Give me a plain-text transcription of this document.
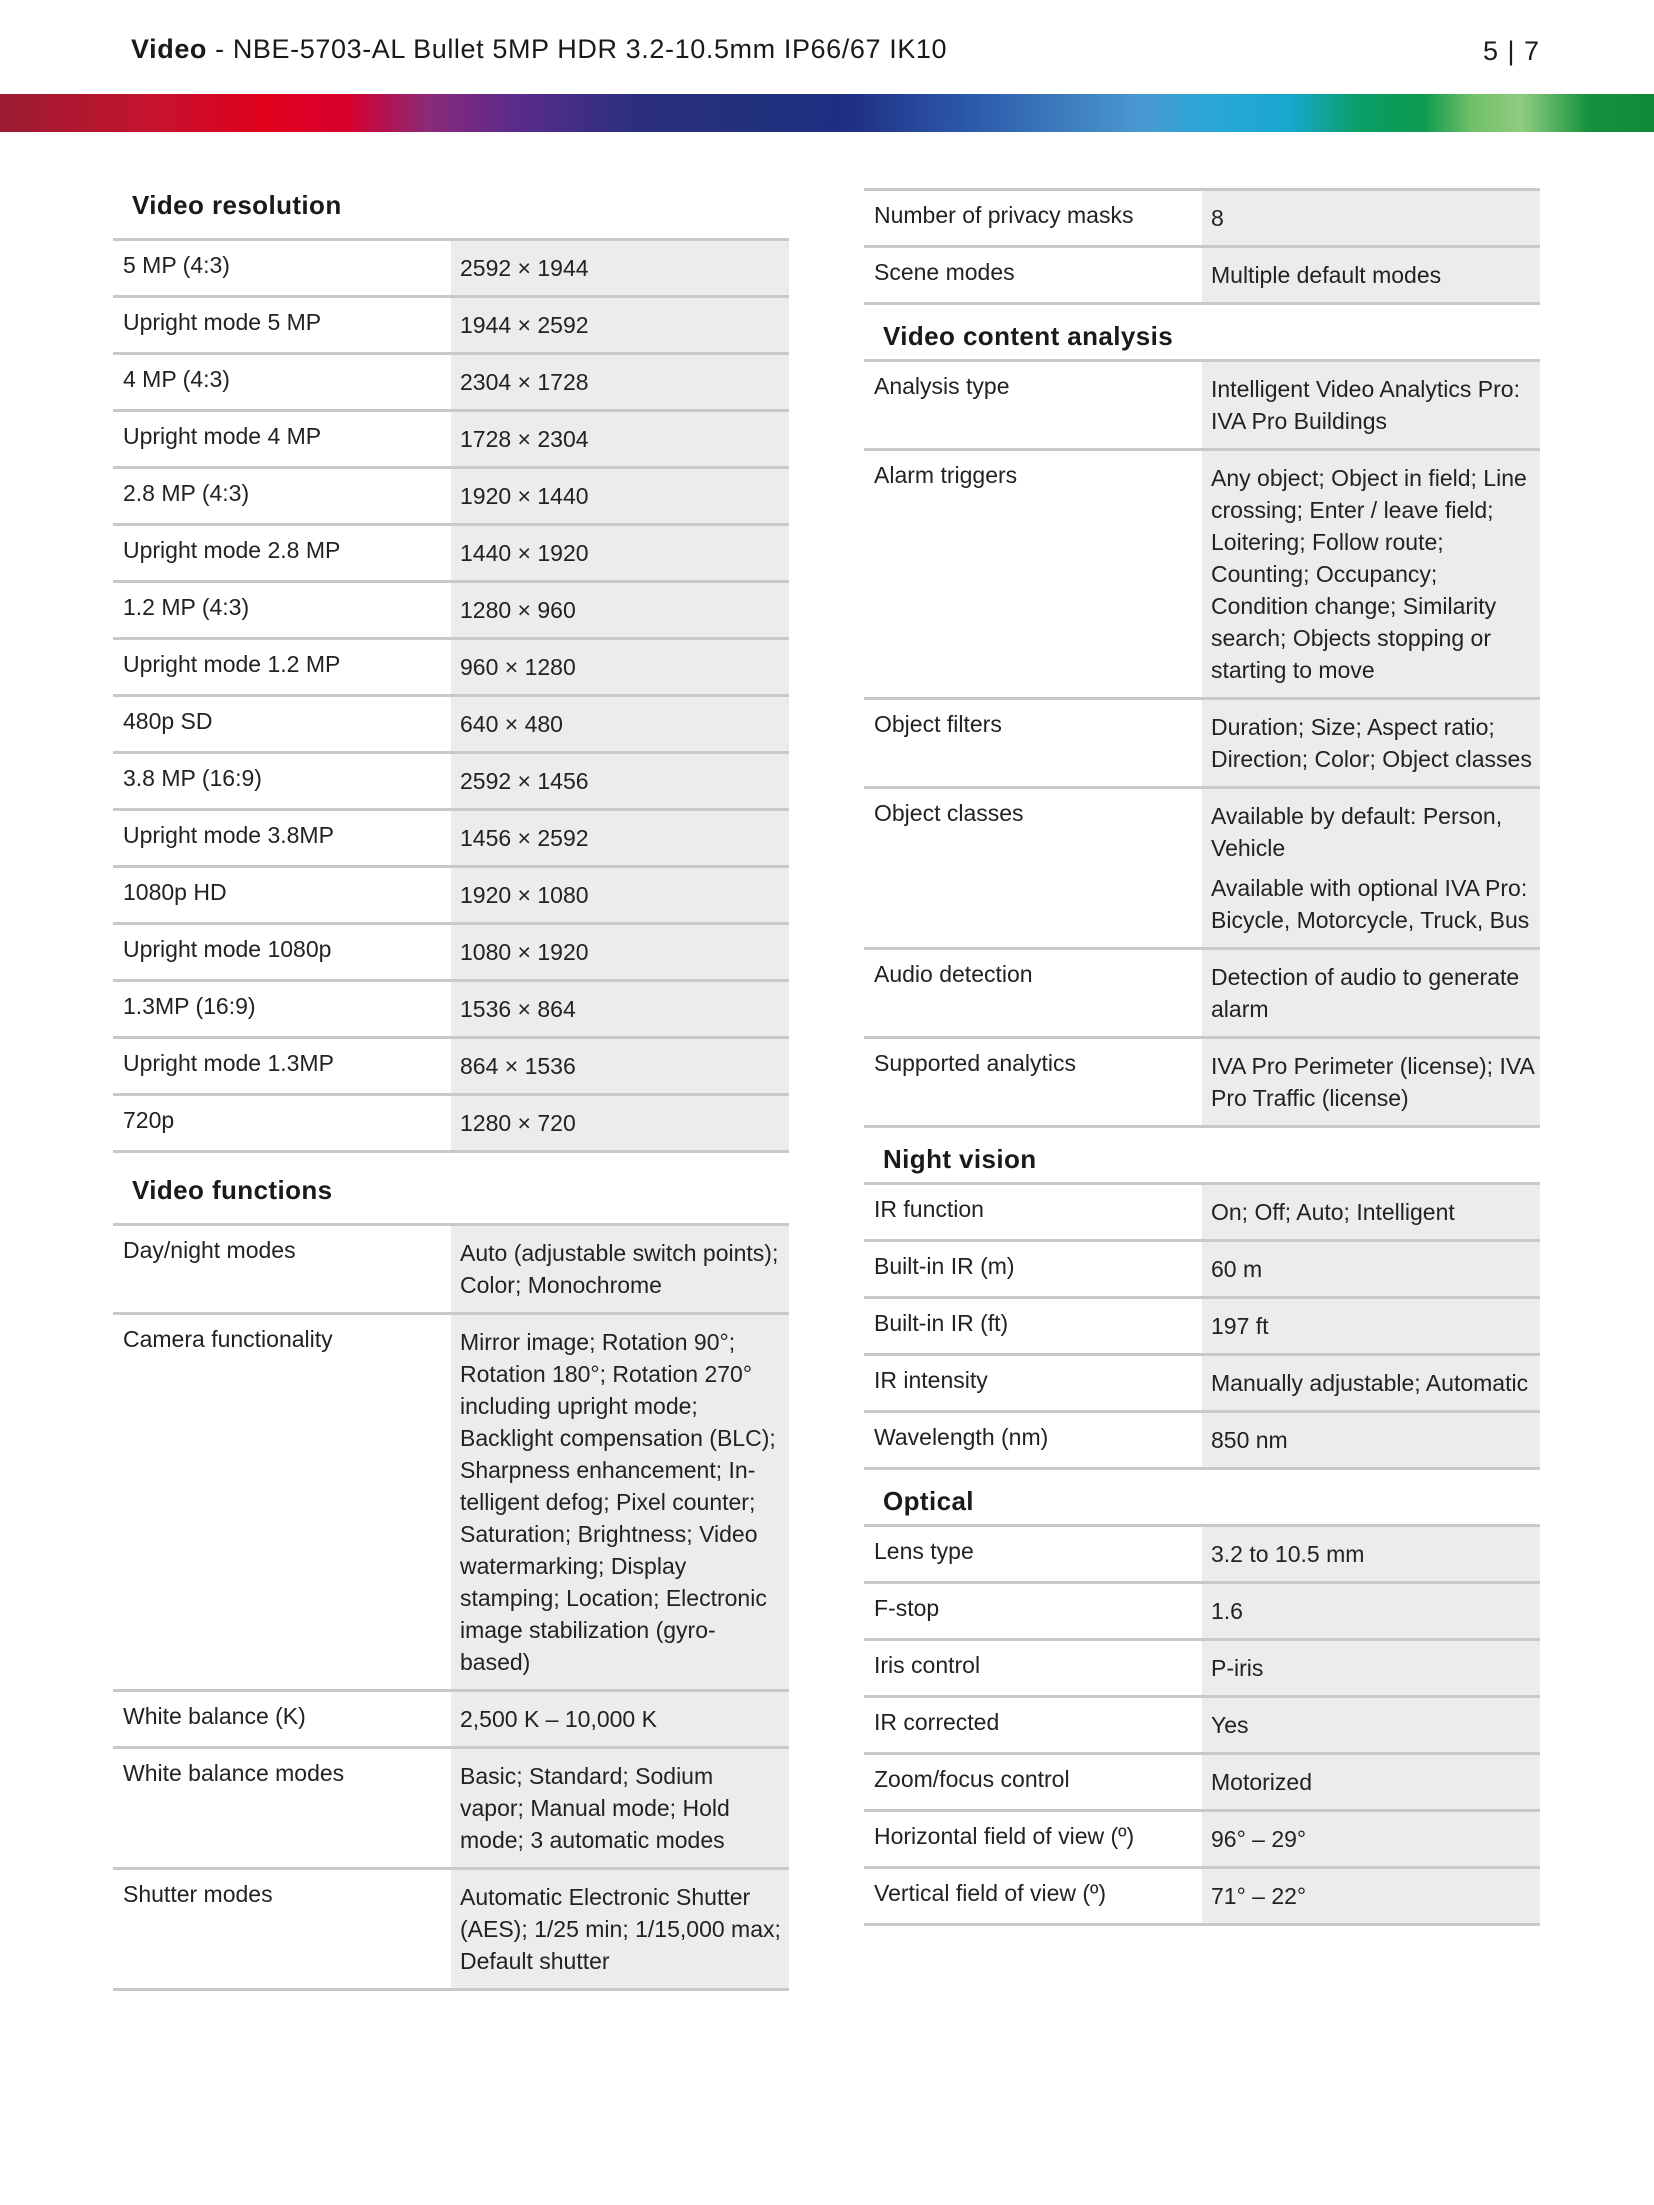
Video - NBE-5703-AL Bullet 5MP HDR 3.2-10.5mm IP66/67 IK10	5 | 7
Video resolution
5 MP (4:3)	2592 × 1944
Upright mode 5 MP	1944 × 2592
4 MP (4:3)	2304 × 1728
Upright mode 4 MP	1728 × 2304
2.8 MP (4:3)	1920 × 1440
Upright mode 2.8 MP	1440 × 1920
1.2 MP (4:3)	1280 × 960
Upright mode 1.2 MP	960 × 1280
480p SD	640 × 480
3.8 MP (16:9)	2592 × 1456
Upright mode 3.8MP	1456 × 2592
1080p HD	1920 × 1080
Upright mode 1080p	1080 × 1920
1.3MP (16:9)	1536 × 864
Upright mode 1.3MP	864 × 1536
720p	1280 × 720
Video functions
Day/night modes	Auto (adjustable switch points); Color; Monochrome
Camera functionality	Mirror image; Rotation 90°; Rotation 180°; Rotation 270° including upright mode; Backlight compensation (BLC); Sharpness enhancement; Intelligent defog; Pixel counter; Saturation; Brightness; Video watermarking; Display stamping; Location; Electronic image stabilization (gyro-based)
White balance (K)	2,500 K – 10,000 K
White balance modes	Basic; Standard; Sodium vapor; Manual mode; Hold mode; 3 automatic modes
Shutter modes	Automatic Electronic Shutter (AES); 1/25 min; 1/15,000 max; Default shutter
Number of privacy masks	8
Scene modes	Multiple default modes
Video content analysis
Analysis type	Intelligent Video Analytics Pro: IVA Pro Buildings
Alarm triggers	Any object; Object in field; Line crossing; Enter / leave field; Loitering; Follow route; Counting; Occupancy; Condition change; Similarity search; Objects stopping or starting to move
Object filters	Duration; Size; Aspect ratio; Direction; Color; Object classes
Object classes	Available by default: Person, Vehicle
Available with optional IVA Pro: Bicycle, Motorcycle, Truck, Bus
Audio detection	Detection of audio to generate alarm
Supported analytics	IVA Pro Perimeter (license); IVA Pro Traffic (license)
Night vision
IR function	On; Off; Auto; Intelligent
Built-in IR (m)	60 m
Built-in IR (ft)	197 ft
IR intensity	Manually adjustable; Automatic
Wavelength (nm)	850 nm
Optical
Lens type	3.2 to 10.5 mm
F-stop	1.6
Iris control	P-iris
IR corrected	Yes
Zoom/focus control	Motorized
Horizontal field of view (º)	96° – 29°
Vertical field of view (º)	71° – 22°
